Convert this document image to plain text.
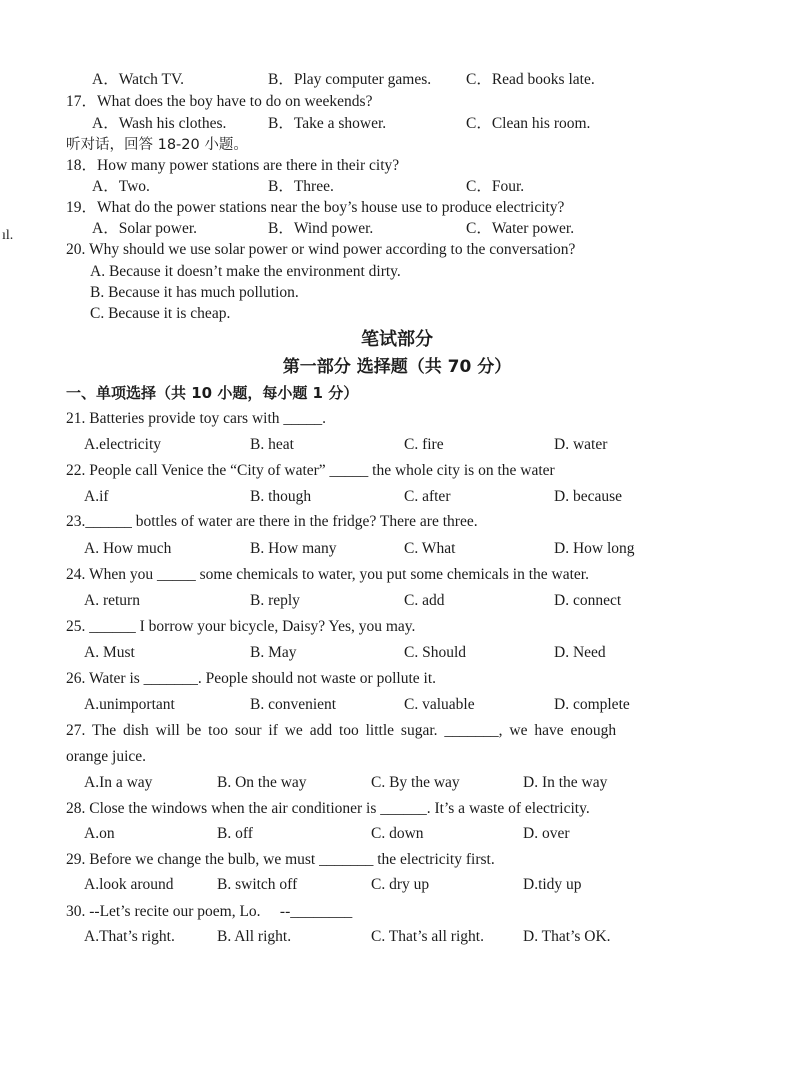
ıl.
A．Watch TV.	B．Play computer games. C．Read books late.
17．What does the boy have to do on weekends?
A．Wash his clothes.	B．Take a shower.	C．Clean his room.
听对话，回答 18-20 小题。
18．How many power stations are there in their city?
A．Two.	B．Three.	C．Four.
19．What do the power stations near the boy’s house use to produce electricity?
A．Solar power.	B．Wind power.	C．Water power.
20. Why should we use solar power or wind power according to the conversation?
A. Because it doesn’t make the environment dirty.
B. Because it has much pollution.
C. Because it is cheap.
笔试部分
第一部分 选择题（共 70 分）
一、单项选择（共 10 小题，每小题 1 分）
21. Batteries provide toy cars with _____.
A.electricity	B. heat	C. fire	D. water
22. People call Venice the “City of water” _____ the whole city is on the water
A.if	B. though	C. after	D. because
23.______ bottles of water are there in the fridge? There are three.
A. How much	B. How many	C. What	D. How long
24. When you _____ some chemicals to water, you put some chemicals in the water.
A. return	B. reply	C. add	D. connect
25. ______ I borrow your bicycle, Daisy? Yes, you may.
A. Must	B. May	C. Should	D. Need
26. Water is _______. People should not waste or pollute it.
A.unimportant	B. convenient	C. valuable	D. complete
27. The dish will be too sour if we add too little sugar. _______, we have enough
orange juice.
A.In a way	B. On the way	C. By the way	D. In the way
28. Close the windows when the air conditioner is ______. It’s a waste of electricity.
A.on	B. off	C. down	D. over
29. Before we change the bulb, we must _______ the electricity first.
A.look around	B. switch off	C. dry up	D.tidy up
30. --Let’s recite our poem, Lo.     --________
A.That’s right.	B. All right.	C. That’s all right.	D. That’s OK.
